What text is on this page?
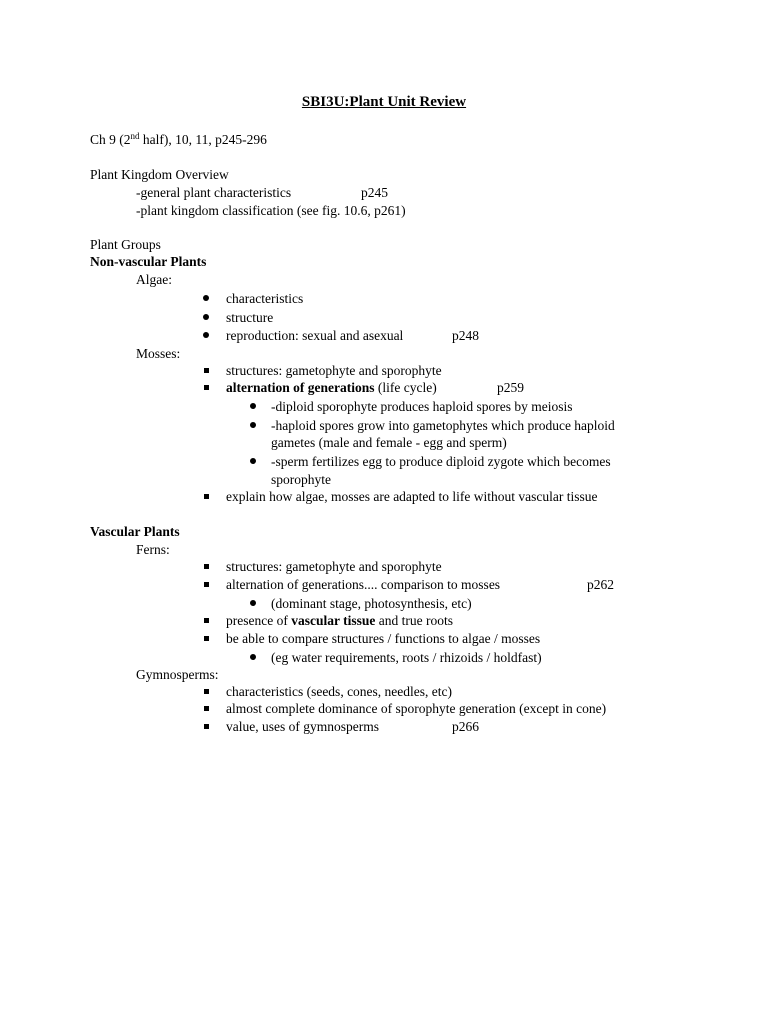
SBI3U:Plant Unit Review
Ch 9 (2nd half), 10, 11, p245-296
Plant Kingdom Overview
-general plant characteristics	p245
-plant kingdom classification (see fig. 10.6, p261)
Plant Groups
Non-vascular Plants
Algae:
characteristics
structure
reproduction: sexual and asexual	p248
Mosses:
structures: gametophyte and sporophyte
alternation of generations (life cycle)	p259
-diploid sporophyte produces haploid spores by meiosis
-haploid spores grow into gametophytes which produce haploid
gametes (male and female - egg and sperm)
-sperm fertilizes egg to produce diploid zygote which becomes
sporophyte
explain how algae, mosses are adapted to life without vascular tissue
Vascular Plants
Ferns:
structures: gametophyte and sporophyte
alternation of generations.... comparison to mosses	p262
(dominant stage, photosynthesis, etc)
presence of vascular tissue and true roots
be able to compare structures / functions to algae / mosses
(eg water requirements, roots / rhizoids / holdfast)
Gymnosperms:
characteristics (seeds, cones, needles, etc)
almost complete dominance of sporophyte generation (except in cone)
value, uses of gymnosperms	p266
